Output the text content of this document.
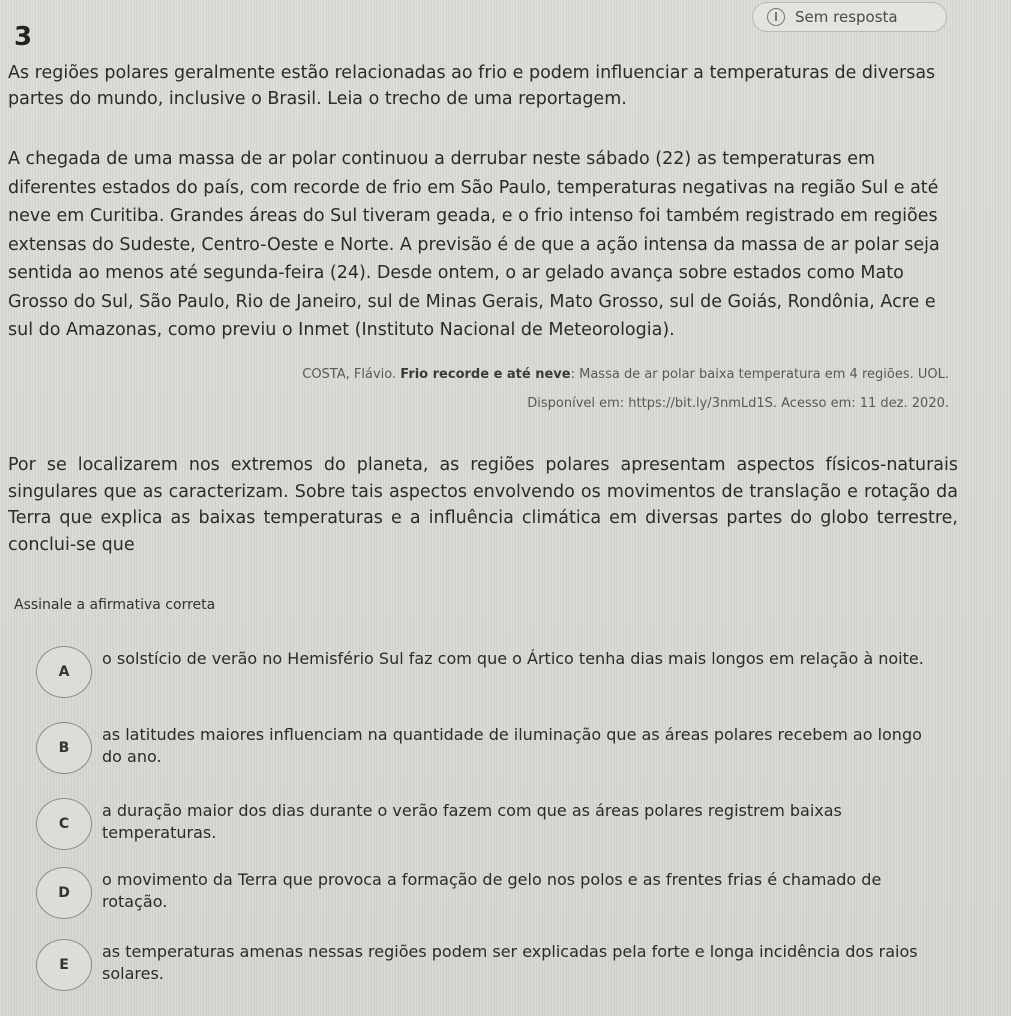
3
Sem resposta

As regiões polares geralmente estão relacionadas ao frio e podem influenciar a temperaturas de diversas partes do mundo, inclusive o Brasil. Leia o trecho de uma reportagem.

A chegada de uma massa de ar polar continuou a derrubar neste sábado (22) as temperaturas em diferentes estados do país, com recorde de frio em São Paulo, temperaturas negativas na região Sul e até neve em Curitiba. Grandes áreas do Sul tiveram geada, e o frio intenso foi também registrado em regiões extensas do Sudeste, Centro-Oeste e Norte. A previsão é de que a ação intensa da massa de ar polar seja sentida ao menos até segunda-feira (24). Desde ontem, o ar gelado avança sobre estados como Mato Grosso do Sul, São Paulo, Rio de Janeiro, sul de Minas Gerais, Mato Grosso, sul de Goiás, Rondônia, Acre e sul do Amazonas, como previu o Inmet (Instituto Nacional de Meteorologia).

COSTA, Flávio. Frio recorde e até neve: Massa de ar polar baixa temperatura em 4 regiões. UOL.

Disponível em: https://bit.ly/3nmLd1S. Acesso em: 11 dez. 2020.

Por se localizarem nos extremos do planeta, as regiões polares apresentam aspectos físicos-naturais singulares que as caracterizam. Sobre tais aspectos envolvendo os movimentos de translação e rotação da Terra que explica as baixas temperaturas e a influência climática em diversas partes do globo terrestre, conclui-se que

Assinale a afirmativa correta

A
o solstício de verão no Hemisfério Sul faz com que o Ártico tenha dias mais longos em relação à noite.
B
as latitudes maiores influenciam na quantidade de iluminação que as áreas polares recebem ao longo do ano.
C
a duração maior dos dias durante o verão fazem com que as áreas polares registrem baixas temperaturas.
D
o movimento da Terra que provoca a formação de gelo nos polos e as frentes frias é chamado de rotação.
E
as temperaturas amenas nessas regiões podem ser explicadas pela forte e longa incidência dos raios solares.
